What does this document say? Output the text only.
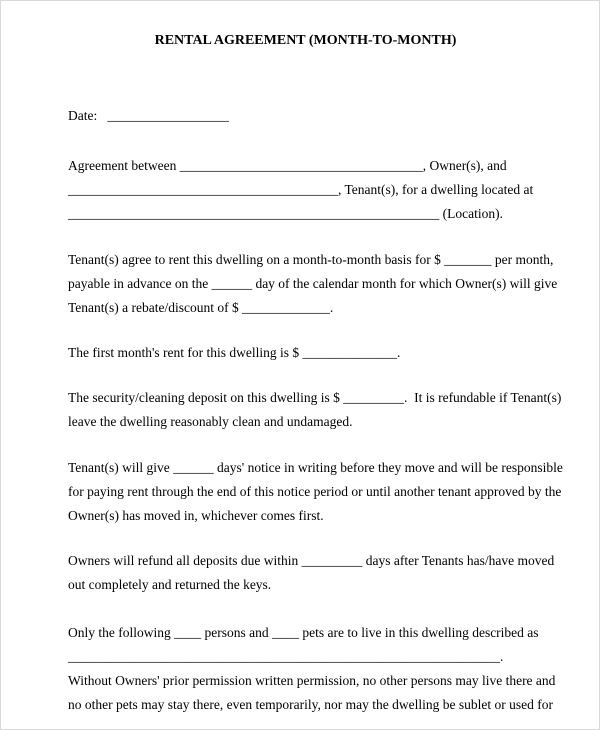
RENTAL AGREEMENT (MONTH-TO-MONTH)
Date:   __________________
Agreement between ____________________________________, Owner(s), and
________________________________________, Tenant(s), for a dwelling located at
_______________________________________________________ (Location).
Tenant(s) agree to rent this dwelling on a month-to-month basis for $ _______ per month,
payable in advance on the ______ day of the calendar month for which Owner(s) will give
Tenant(s) a rebate/discount of $ _____________.
The first month's rent for this dwelling is $ ______________.
The security/cleaning deposit on this dwelling is $ _________.  It is refundable if Tenant(s)
leave the dwelling reasonably clean and undamaged.
Tenant(s) will give ______ days' notice in writing before they move and will be responsible
for paying rent through the end of this notice period or until another tenant approved by the
Owner(s) has moved in, whichever comes first.
Owners will refund all deposits due within _________ days after Tenants has/have moved
out completely and returned the keys.
Only the following ____ persons and ____ pets are to live in this dwelling described as
________________________________________________________________.
Without Owners' prior permission written permission, no other persons may live there and
no other pets may stay there, even temporarily, nor may the dwelling be sublet or used for
